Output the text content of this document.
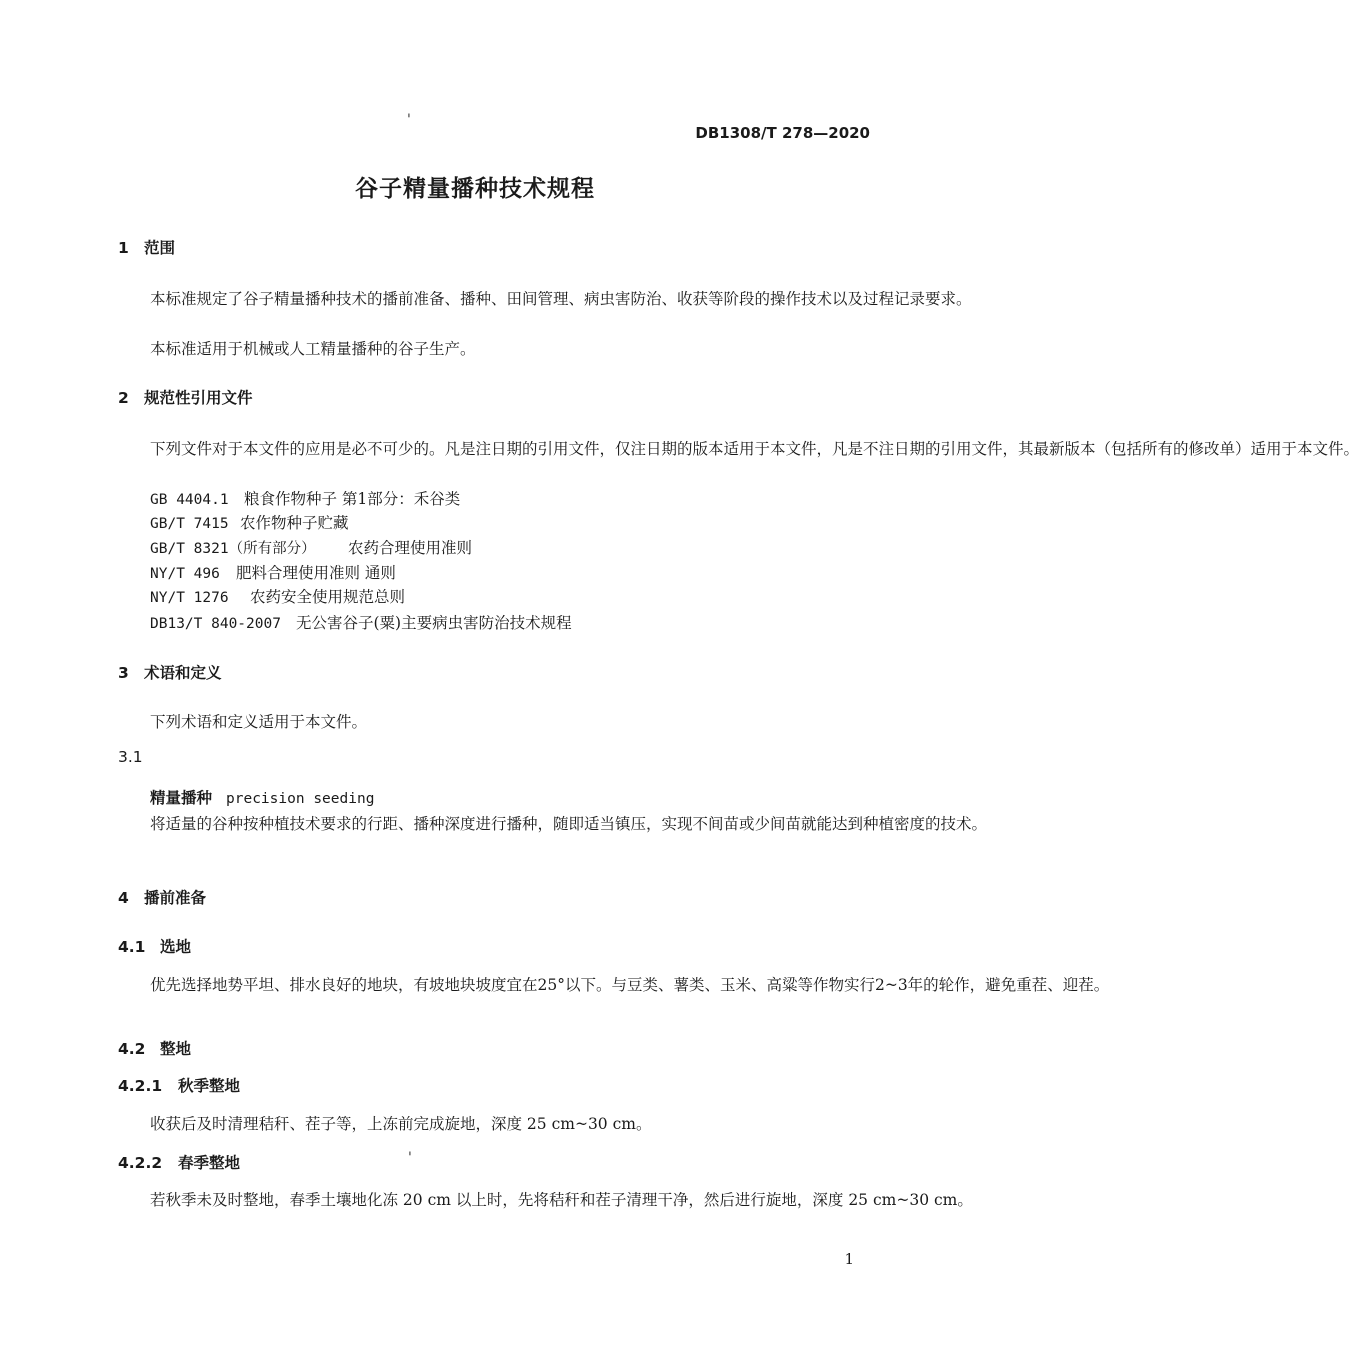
'
DB1308/T 278—2020
谷子精量播种技术规程
1 范围
本标准规定了谷子精量播种技术的播前准备、播种、田间管理、病虫害防治、收获等阶段的操作技术以及过程记录要求。
本标准适用于机械或人工精量播种的谷子生产。
2 规范性引用文件
下列文件对于本文件的应用是必不可少的。凡是注日期的引用文件，仅注日期的版本适用于本文件，凡是不注日期的引用文件，其最新版本（包括所有的修改单）适用于本文件。
GB 4404.1 粮食作物种子 第1部分：禾谷类
GB/T 7415 农作物种子贮藏
GB/T 8321（所有部分） 农药合理使用准则
NY/T 496 肥料合理使用准则 通则
NY/T 1276 农药安全使用规范总则
DB13/T 840-2007 无公害谷子(粟)主要病虫害防治技术规程
3 术语和定义
下列术语和定义适用于本文件。
3.1
精量播种 precision seeding
将适量的谷种按种植技术要求的行距、播种深度进行播种，随即适当镇压，实现不间苗或少间苗就能达到种植密度的技术。
4 播前准备
4.1 选地
优先选择地势平坦、排水良好的地块，有坡地块坡度宜在25°以下。与豆类、薯类、玉米、高粱等作物实行2~3年的轮作，避免重茬、迎茬。
4.2 整地
4.2.1 秋季整地
收获后及时清理秸秆、茬子等，上冻前完成旋地，深度 25 cm~30 cm。
'
4.2.2 春季整地
若秋季未及时整地，春季土壤地化冻 20 cm 以上时，先将秸秆和茬子清理干净，然后进行旋地，深度 25 cm~30 cm。
1
